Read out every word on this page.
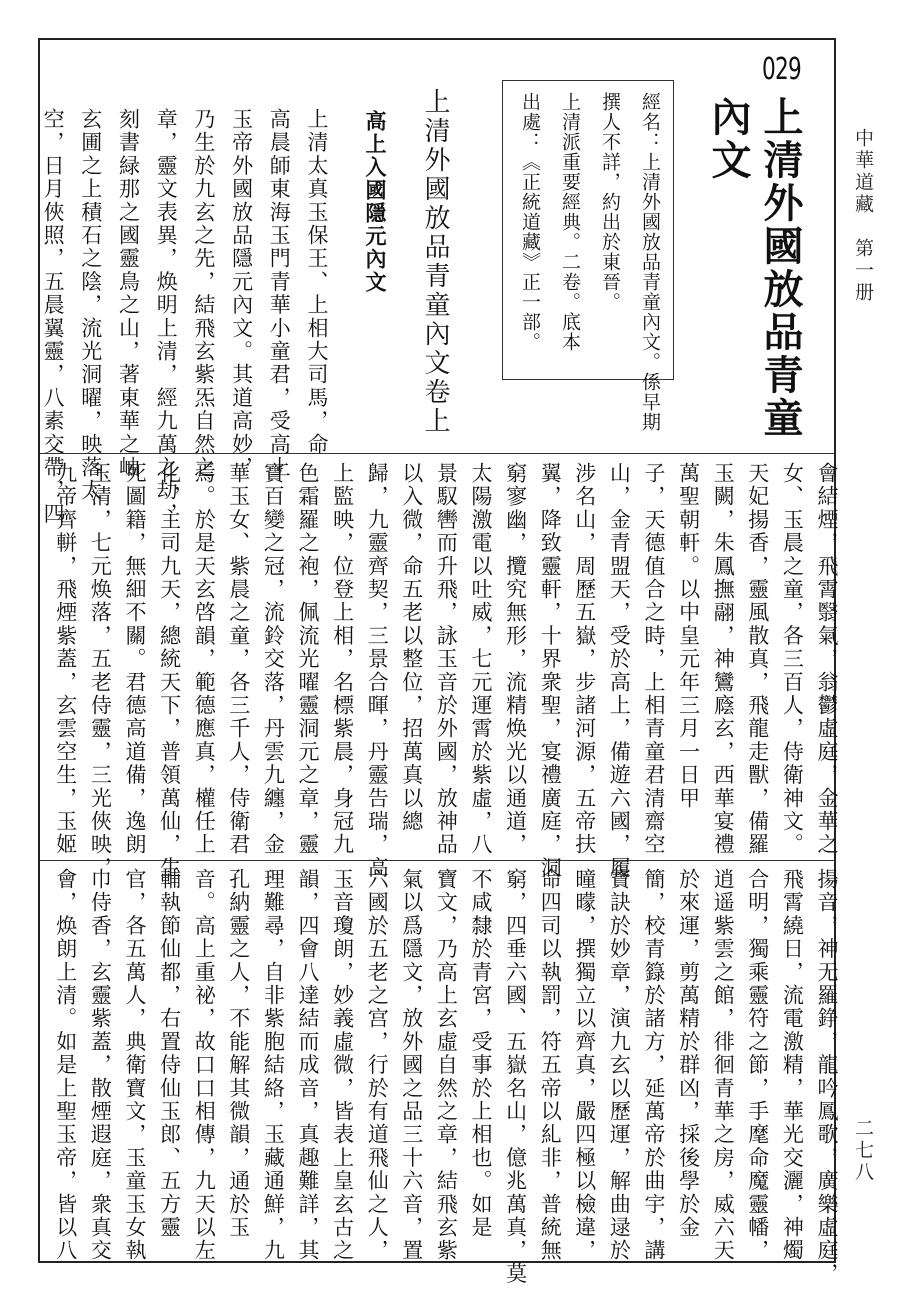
中華道藏　第一册
二七八
029
上清外國放品青童
內文
經名：上清外國放品青童內文。係早期
撰人不詳，約出於東晉。
上清派重要經典。二卷。底本
出處：《正統道藏》正一部。
上清外國放品青童內文卷上
高上入國隱元內文
上清太真玉保王、上相大司馬，命
高晨師東海玉門青華小童君，受高上
玉帝外國放品隱元內文。其道高妙，
乃生於九玄之先，結飛玄紫炁自然之
章，靈文表異，焕明上清，經九萬之劫，
刻書緑那之國靈鳥之山，著東華之岫
玄圃之上積石之陰，流光洞曜，映落太
空，日月俠照，五晨翼靈，八素交帶，四
會結煙，飛霄翳氣，翁鬱虛庭，金華之
女、玉晨之童，各三百人，侍衛神文。
天妃揚香，靈風散真，飛龍走獸，備羅
玉闕，朱鳳撫翮，神鸞廕玄，西華宴禮
萬聖朝軒。以中皇元年三月一日甲
子，天德值合之時，上相青童君清齋空
山，金青盟天，受於高上，備遊六國，履
涉名山，周歷五嶽，步諸河源，五帝扶
翼，降致靈軒，十界衆聖，宴禮廣庭，洞
窮寥幽，攬究無形，流精焕光以通道，
太陽激電以吐威，七元運霄於紫虛，八
景馭轡而升飛，詠玉音於外國，放神品
以入微，命五老以整位，招萬真以總
歸，九靈齊契，三景合暉，丹靈告瑞，高
上監映，位登上相，名標紫晨，身冠九
色霜羅之袍，佩流光曜靈洞元之章，靈
寶百變之冠，流鈴交落，丹雲九纏，金
華玉女、紫晨之童，各三千人，侍衛君
焉。於是天玄啓韻，範德應真，權任上
化，主司九天，總統天下，普領萬仙，生
死圖籍，無細不關。君德高道備，逸朗
玉清，七元焕落，五老侍靈，三光俠映，
九帝齊軿，飛煙紫蓋，玄雲空生，玉姬
揚音，神无羅錚，龍吟鳳歌，廣樂虛庭，
飛霄繞日，流電激精，華光交灑，神燭
合明，獨乘靈符之節，手麾命魔靈幡，
逍遥紫雲之館，徘徊青華之房，威六天
於來運，剪萬精於群凶，採後學於金
簡，校青籙於諸方，延萬帝於曲宇，講
寶訣於妙章，演九玄以歷運，解曲逯於
曈曚，撰獨立以齊真，嚴四極以檢違，
命四司以執罰，符五帝以糺非，普統無
窮，四垂六國、五嶽名山，億兆萬真，莫
不咸隸於青宮，受事於上相也。如是
寶文，乃高上玄虛自然之章，結飛玄紫
氣以爲隱文，放外國之品三十六音，置
六國於五老之宫，行於有道飛仙之人，
玉音瓊朗，妙義虛微，皆表上皇玄古之
韻，四會八達結而成音，真趣難詳，其
理難尋，自非紫胞結絡，玉藏通鮮，九
孔納靈之人，不能解其微韻，通於玉
音。高上重祕，故口口相傳，九天以左
輔執節仙都，右置侍仙玉郎、五方靈
官，各五萬人，典衛寶文，玉童玉女執
巾侍香，玄靈紫蓋，散煙遐庭，衆真交
會，焕朗上清。如是上聖玉帝，皆以八
